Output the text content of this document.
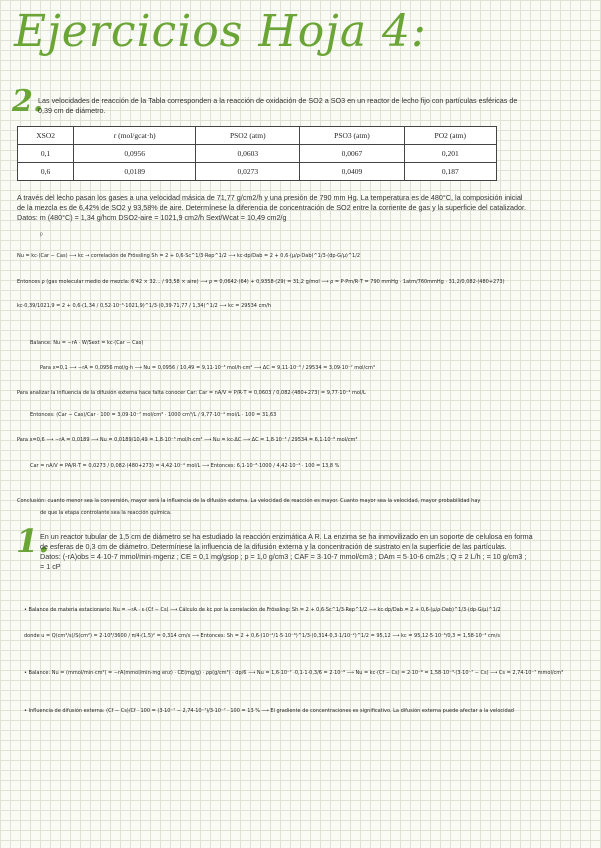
Ejercicios Hoja 4:
2.
Las velocidades de reacción de la Tabla corresponden a la reacción de oxidación de SO2 a SO3 en un reactor de lecho fijo con partículas esféricas de
0,39 cm de diámetro.
XSO2	r (mol/gcat·h)	PSO2 (atm)	PSO3 (atm)	PO2 (atm)
0,1	0,0956	0,0603	0,0067	0,201
0,6	0,0189	0,0273	0,0409	0,187
A través del lecho pasan los gases a una velocidad másica de 71,77 g/cm2/h y una presión de 790 mm Hg. La temperatura es de 480°C, la composición inicial
de la mezcla es de 6,42% de SO2 y 93,58% de aire. Determínese la diferencia de concentración de SO2 entre la corriente de gas y la superficie del catalizador.
Datos: m (480°C) = 1,34 g/hcm DSO2-aire = 1021,9 cm2/h Sext/Wcat = 10,49 cm2/g
ᵖ
Nu = kc·(Car − Cas) ⟶ kc → correlación de Frössling Sh = 2 + 0,6·Sc^1/3·Rep^1/2 ⟶ kc·dp/Dab = 2 + 0,6·(μ/ρ·Dab)^1/3·(dp·G/μ)^1/2
Entonces ρ (gas molecular medio de mezcla: 6'42 × 32... / 93,58 × aire) ⟶ ρ = 0,0642·(64) + 0,9358·(29) = 31,2 g/mol ⟶ ρ = P·Pm/R·T = 790 mmHg · 1atm/760mmHg · 31,2/0,082·(480+273)
kc·0,39/1021,9 = 2 + 0,6·(1,34 / 0,52·10⁻³·1021,9)^1/3·(0,39·71,77 / 1,34)^1/2 ⟶ kc = 29534 cm/h
Balance: Nu = −rA · W/Sext = kc·(Car − Cas)
Para x=0,1 ⟶ −rA = 0,0956 mol/g·h ⟶ Nu = 0,0956 / 10,49 = 9,11·10⁻³ mol/h·cm² ⟶ ΔC = 9,11·10⁻³ / 29534 = 3,09·10⁻⁷ mol/cm³
Para analizar la influencia de la difusión externa hace falta conocer Car: Car = nA/V = P/R·T = 0,0603 / 0,082·(480+273) = 9,77·10⁻⁴ mol/L
Entonces: (Car − Cas)/Car · 100 = 3,09·10⁻⁷ mol/cm³ · 1000 cm³/L / 9,77·10⁻⁴ mol/L · 100 = 31,63
Para x=0,6 ⟶ −rA = 0,0189 ⟶ Nu = 0,0189/10,49 = 1,8·10⁻³ mol/h·cm² ⟶ Nu = kc·ΔC ⟶ ΔC = 1,8·10⁻³ / 29534 = 6,1·10⁻⁸ mol/cm³
Car = nA/V = PA/R·T = 0,0273 / 0,082·(480+273) = 4,42·10⁻⁴ mol/L ⟶ Entonces: 6,1·10⁻⁸·1000 / 4,42·10⁻⁴ · 100 = 13,8 %
Conclusión: cuanto menor sea la conversión, mayor será la influencia de la difusión externa. La velocidad de reacción es mayor. Cuanto mayor sea la velocidad, mayor probabilidad hay
de que la etapa controlante sea la reacción química.
1.
En un reactor tubular de 1,5 cm de diámetro se ha estudiado la reacción enzimática A R. La enzima se ha inmovilizado en un soporte de celulosa en forma
de esferas de 0,3 cm de diámetro. Determínese la influencia de la difusión externa y la concentración de sustrato en la superficie de las partículas.
Datos: (-rA)obs = 4·10-7 mmol/min·mgenz ; CE = 0,1 mg/gsop ; p = 1,0 g/cm3 ; CAF = 3·10-7 mmol/cm3 ; DAm = 5·10-6 cm2/s ; Q = 2 L/h ; = 10 g/cm3 ;
= 1 cP
• Balance de materia estacionario: Nu = −rA · ε·(Cf − Cs) ⟶ Cálculo de kc por la correlación de Frössling: Sh = 2 + 0,6·Sc^1/3·Rep^1/2 ⟶ kc·dp/Dab = 2 + 0,6·(μ/ρ·Dab)^1/3·(dp·G/μ)^1/2
donde u = Q(cm³/s)/S(cm²) = 2·10³/3600 / π/4·(1,5)² = 0,314 cm/s ⟶ Entonces: Sh = 2 + 0,6·(10⁻²/1·5·10⁻⁶)^1/3·(0,314·0,3·1/10⁻²)^1/2 = 95,12 ⟶ kc = 95,12·5·10⁻⁶/0,3 = 1,58·10⁻³ cm/s
• Balance: Nu = (mmol/min·cm²) = −rA(mmol/min·mg enz) · CE(mg/g) · ρp(g/cm³) · dp/6 ⟶ Nu = 1,6·10⁻⁷ ·0,1·1·0,3/6 = 2·10⁻⁹ ⟶ Nu = kc·(Cf − Cs) = 2·10⁻⁹ = 1,58·10⁻³·(3·10⁻⁷ − Cs) ⟶ Cs = 2,74·10⁻⁷ mmol/cm³
• Influencia de difusión externa: (Cf − Cs)/Cf · 100 = (3·10⁻⁷ − 2,74·10⁻⁷)/3·10⁻⁷ · 100 = 13 % ⟶ El gradiente de concentraciones es significativo. La difusión externa puede afectar a la velocidad
